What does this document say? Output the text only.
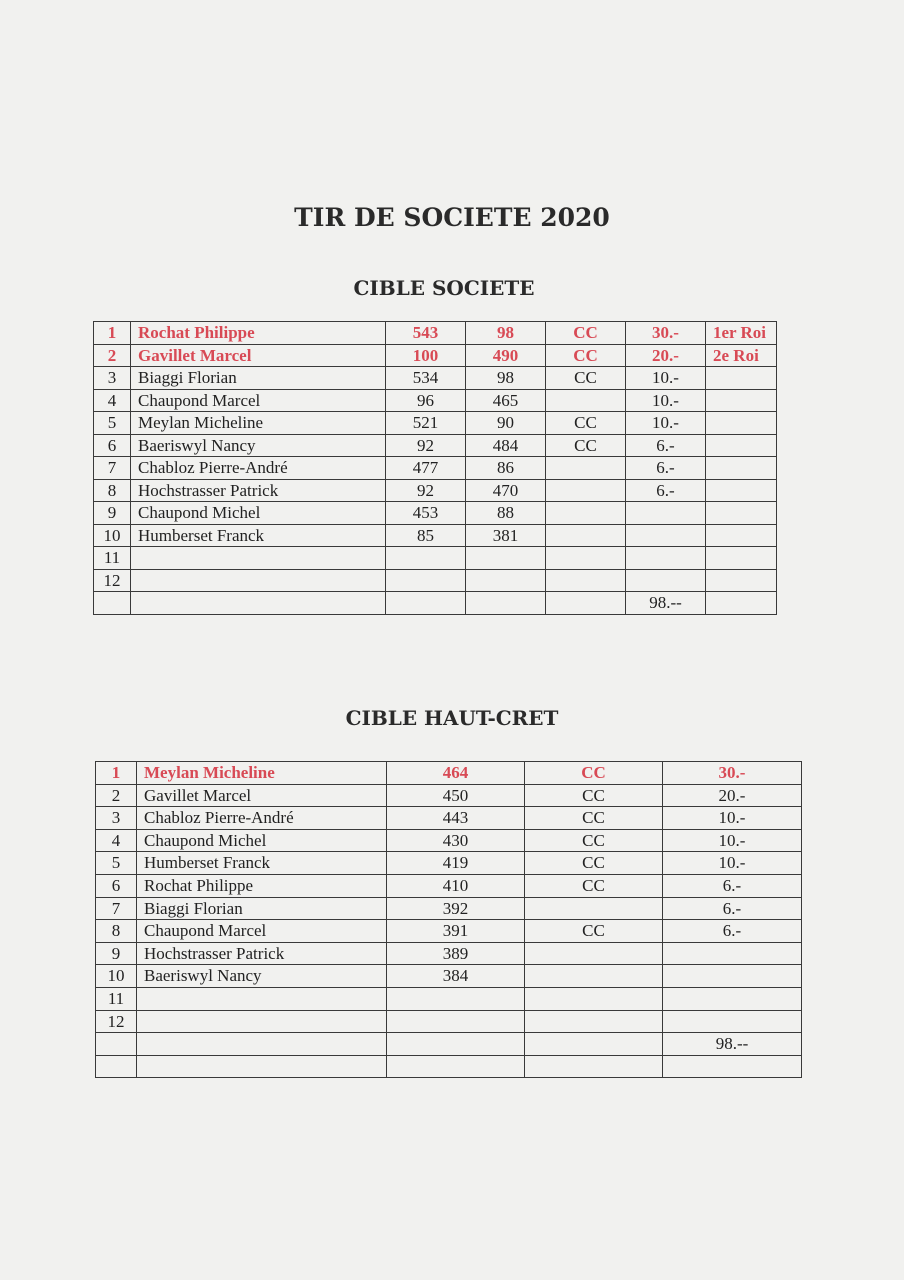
TIR DE SOCIETE 2020
CIBLE SOCIETE
1	Rochat Philippe	543	98	CC	30.-	1er Roi
2	Gavillet Marcel	100	490	CC	20.-	2e Roi
3	Biaggi Florian	534	98	CC	10.-	
4	Chaupond Marcel	96	465		10.-	
5	Meylan Micheline	521	90	CC	10.-	
6	Baeriswyl Nancy	92	484	CC	6.-	
7	Chabloz Pierre-André	477	86		6.-	
8	Hochstrasser Patrick	92	470		6.-	
9	Chaupond Michel	453	88			
10	Humberset Franck	85	381			
11						
12						
					98.--	
CIBLE HAUT-CRET
1	Meylan Micheline	464	CC	30.-
2	Gavillet Marcel	450	CC	20.-
3	Chabloz Pierre-André	443	CC	10.-
4	Chaupond Michel	430	CC	10.-
5	Humberset Franck	419	CC	10.-
6	Rochat Philippe	410	CC	6.-
7	Biaggi Florian	392		6.-
8	Chaupond Marcel	391	CC	6.-
9	Hochstrasser Patrick	389		
10	Baeriswyl Nancy	384		
11				
12				
				98.--
